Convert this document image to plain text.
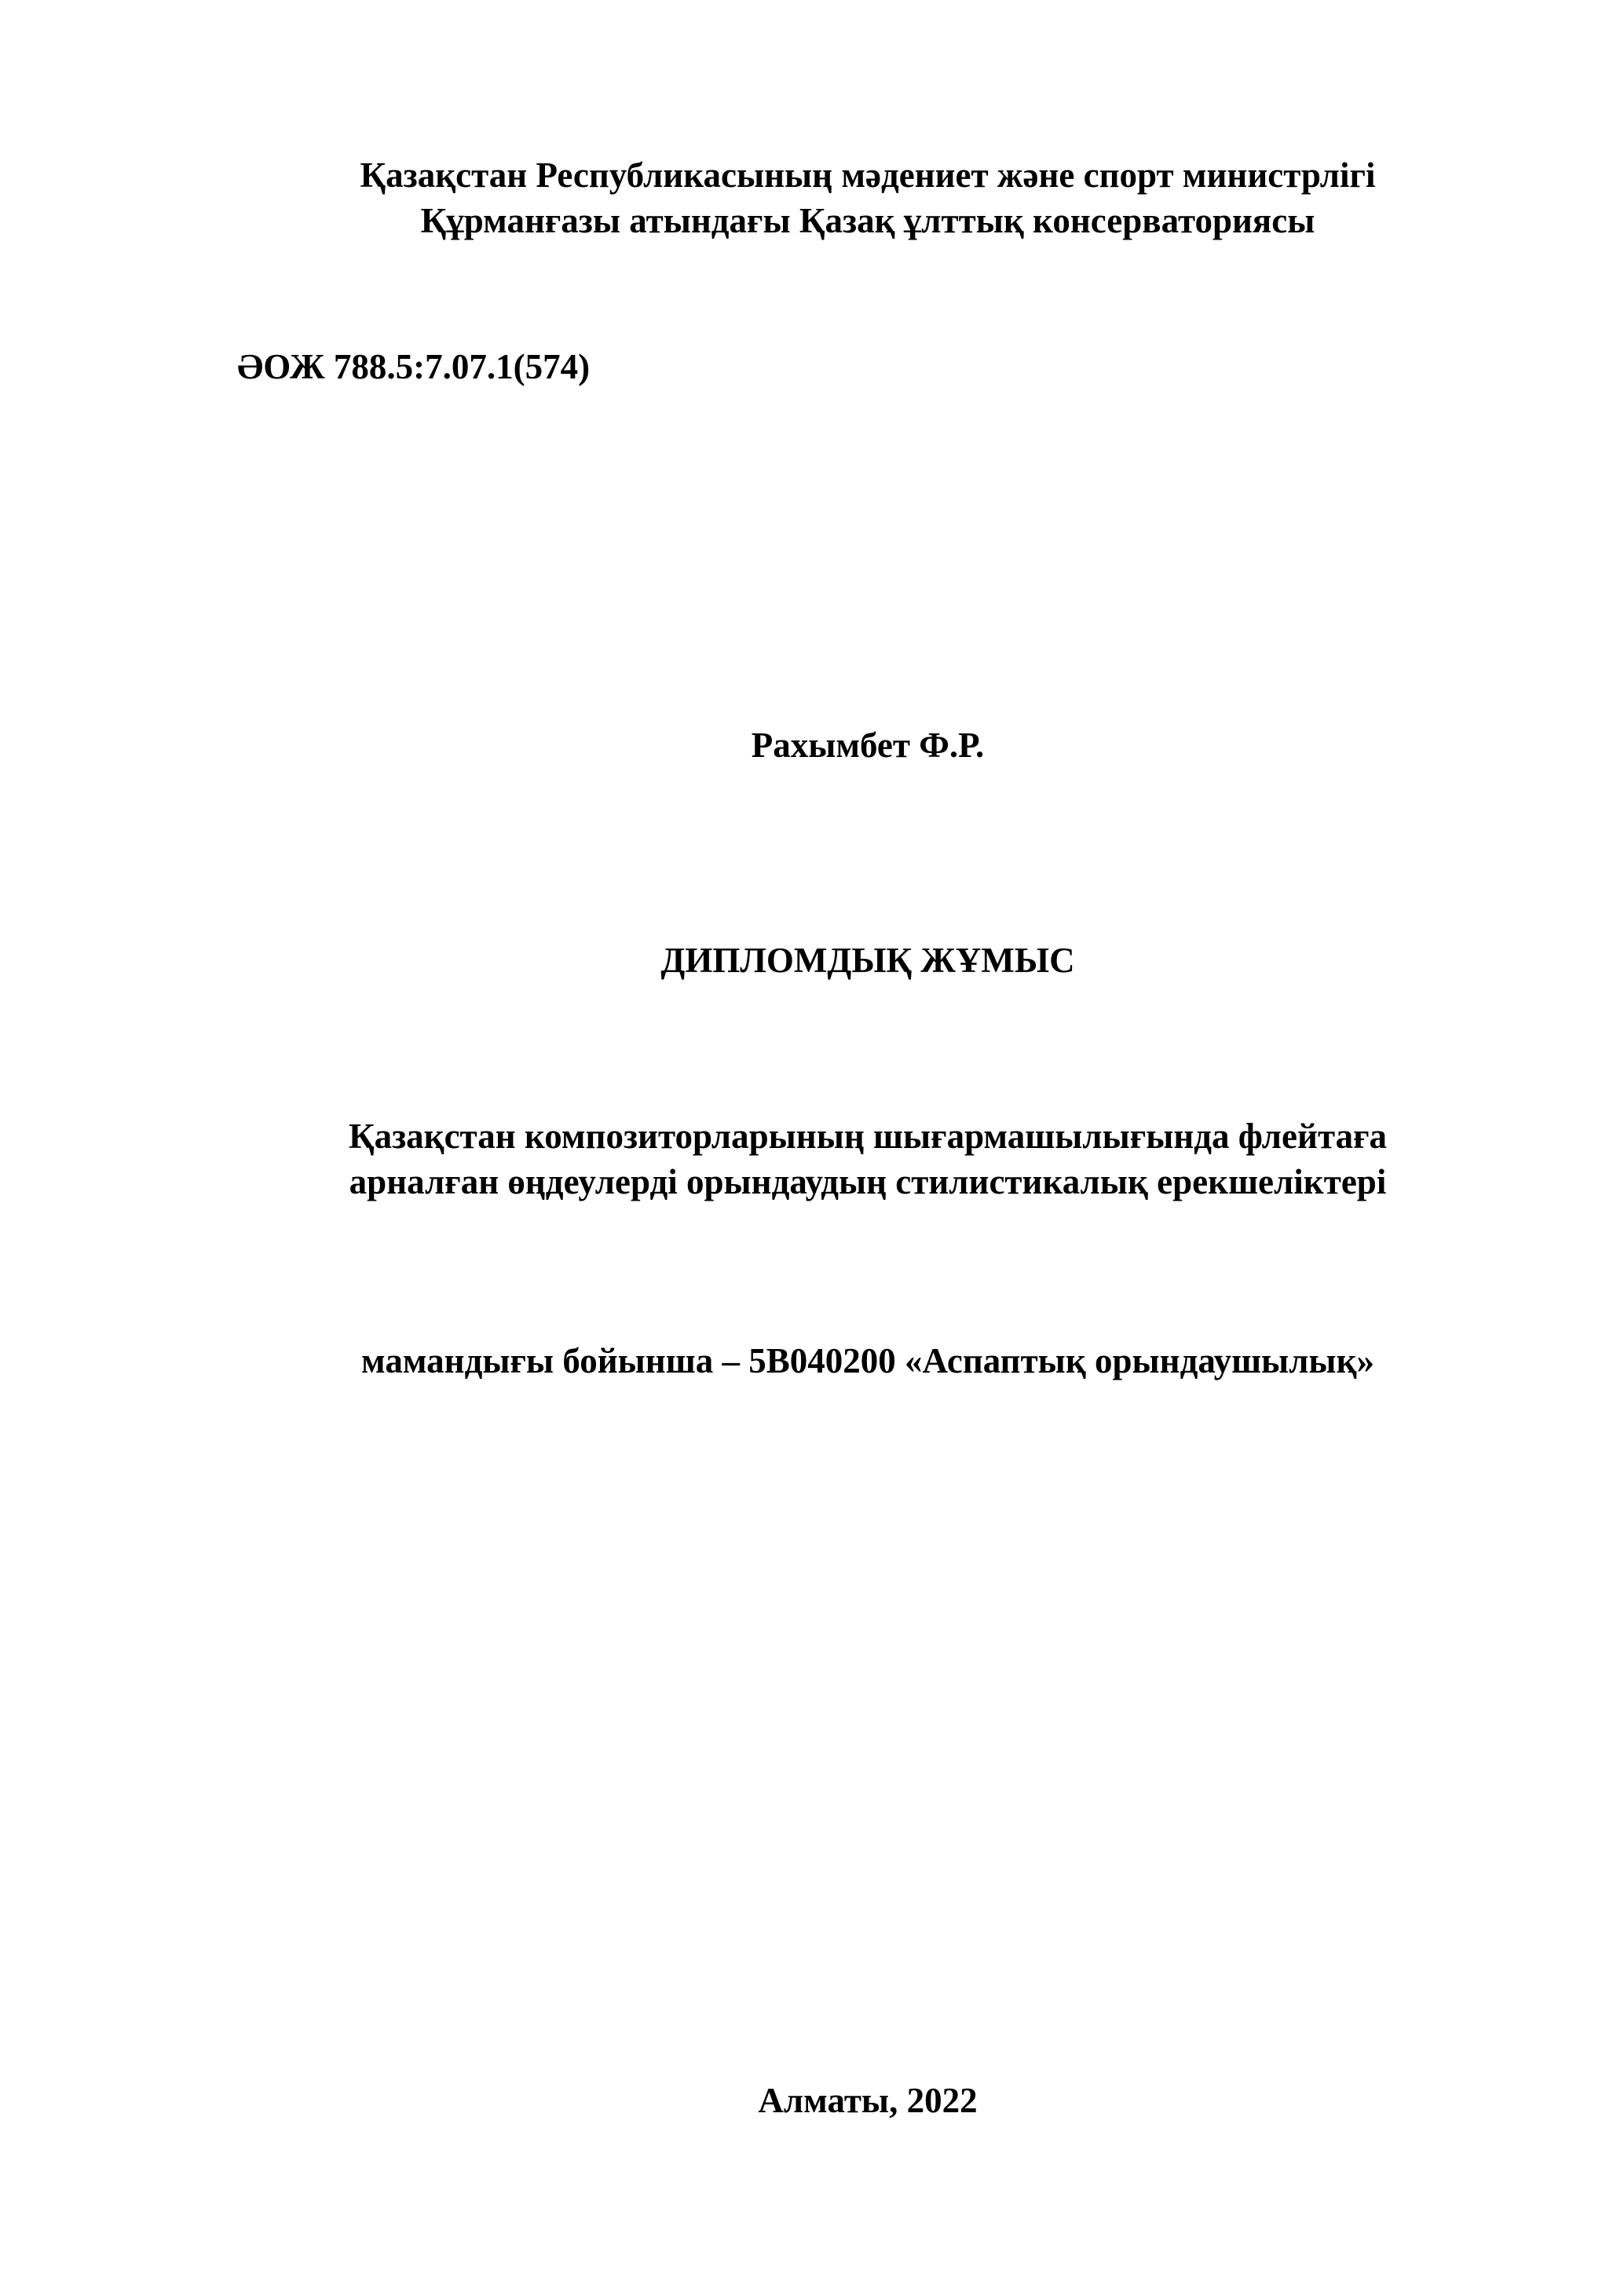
Қазақстан Республикасының мәдениет және спорт министрлігі
Құрманғазы атындағы Қазақ ұлттық консерваториясы
ӘОЖ 788.5:7.07.1(574)
Рахымбет Ф.Р.
ДИПЛОМДЫҚ ЖҰМЫС
Қазақстан композиторларының шығармашылығында флейтаға
арналған өңдеулерді орындаудың стилистикалық ерекшеліктері
мамандығы бойынша – 5В040200 «Аспаптық орындаушылық»
Алматы, 2022
